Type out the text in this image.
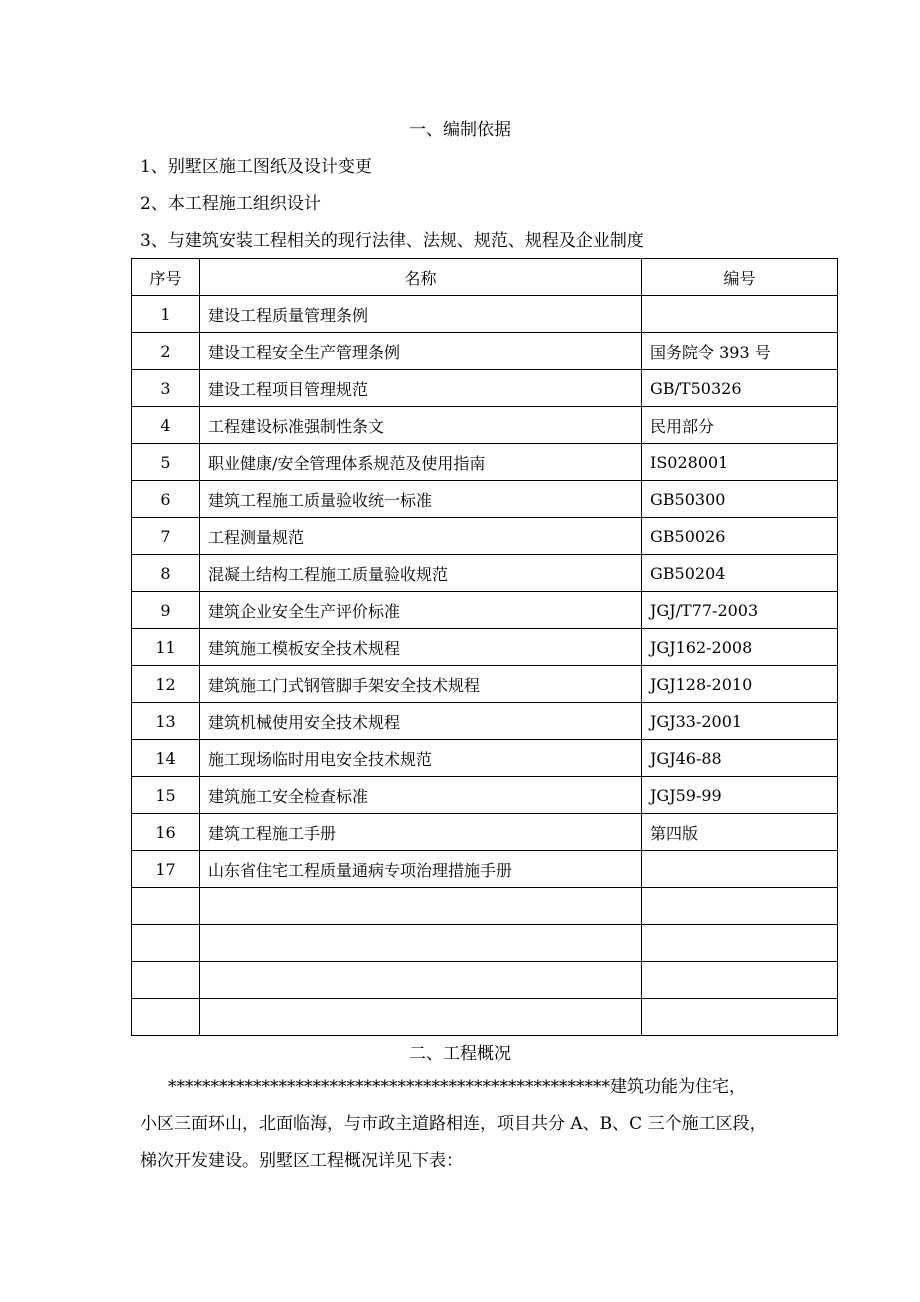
一、编制依据
1、别墅区施工图纸及设计变更
2、本工程施工组织设计
3、与建筑安装工程相关的现行法律、法规、规范、规程及企业制度
序号	名称	编号
1	建设工程质量管理条例	
2	建设工程安全生产管理条例	国务院令 393 号
3	建设工程项目管理规范	GB/T50326
4	工程建设标准强制性条文	民用部分
5	职业健康/安全管理体系规范及使用指南	IS028001
6	建筑工程施工质量验收统一标准	GB50300
7	工程测量规范	GB50026
8	混凝土结构工程施工质量验收规范	GB50204
9	建筑企业安全生产评价标准	JGJ/T77-2003
11	建筑施工模板安全技术规程	JGJ162-2008
12	建筑施工门式钢管脚手架安全技术规程	JGJ128-2010
13	建筑机械使用安全技术规程	JGJ33-2001
14	施工现场临时用电安全技术规范	JGJ46-88
15	建筑施工安全检查标准	JGJ59-99
16	建筑工程施工手册	第四版
17	山东省住宅工程质量通病专项治理措施手册	

二、工程概况
****************************************************建筑功能为住宅，
小区三面环山，北面临海，与市政主道路相连，项目共分 A、B、C 三个施工区段，
梯次开发建设。别墅区工程概况详见下表：
